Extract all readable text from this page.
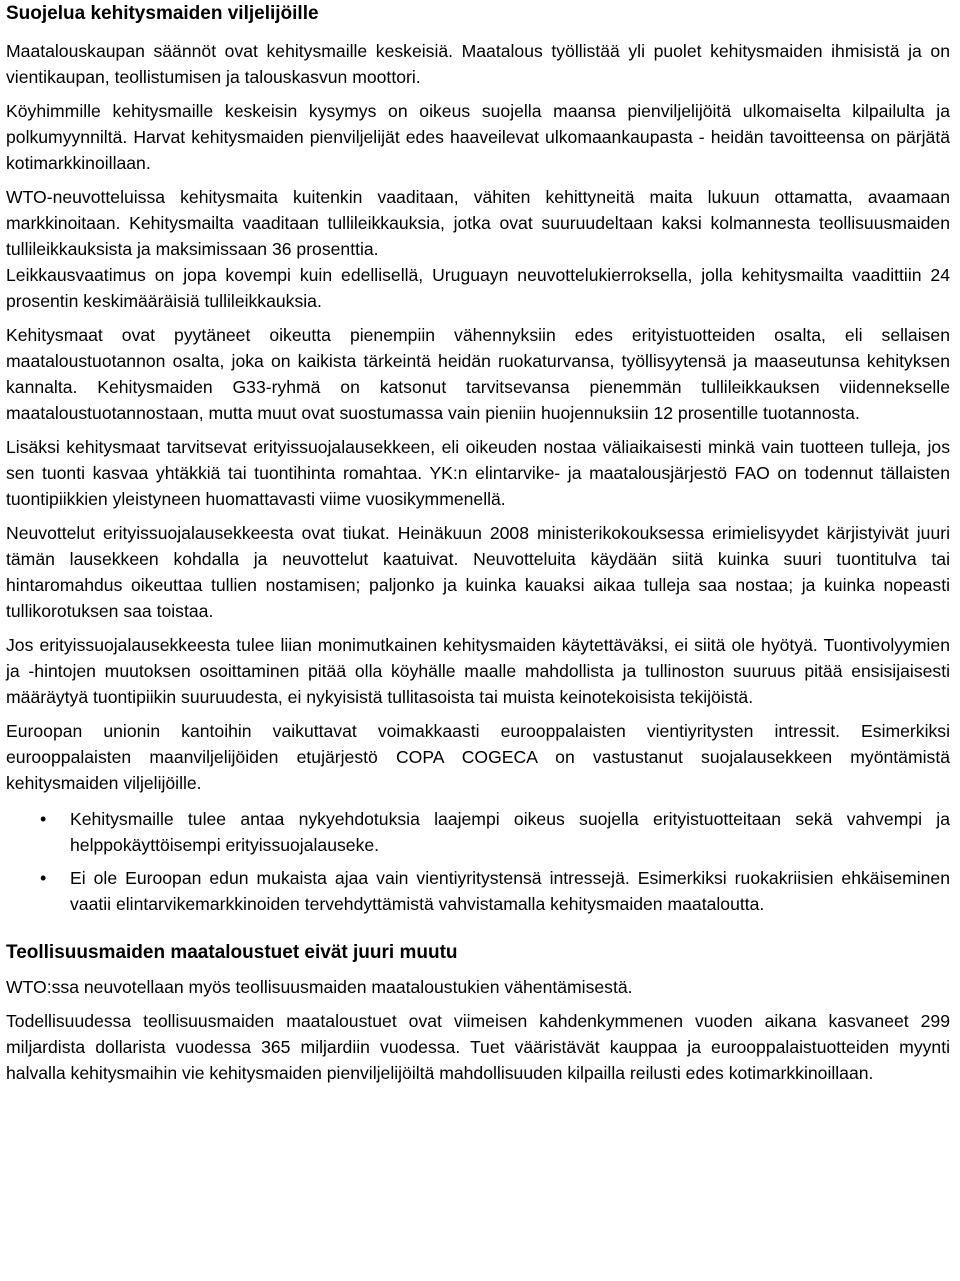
Suojelua kehitysmaiden viljelijöille

Maatalouskaupan säännöt ovat kehitysmaille keskeisiä. Maatalous työllistää yli puolet kehitysmaiden ihmisistä ja on vientikaupan, teollistumisen ja talouskasvun moottori.

Köyhimmille kehitysmaille keskeisin kysymys on oikeus suojella maansa pienviljelijöitä ulkomaiselta kilpailulta ja polkumyynniltä. Harvat kehitysmaiden pienviljelijät edes haaveilevat ulkomaankaupasta - heidän tavoitteensa on pärjätä kotimarkkinoillaan.

WTO-neuvotteluissa kehitysmaita kuitenkin vaaditaan, vähiten kehittyneitä maita lukuun ottamatta, avaamaan markkinoitaan. Kehitysmailta vaaditaan tullileikkauksia, jotka ovat suuruudeltaan kaksi kolmannesta teollisuusmaiden tullileikkauksista ja maksimissaan 36 prosenttia.

Leikkausvaatimus on jopa kovempi kuin edellisellä, Uruguayn neuvottelukierroksella, jolla kehitysmailta vaadittiin 24 prosentin keskimääräisiä tullileikkauksia.

Kehitysmaat ovat pyytäneet oikeutta pienempiin vähennyksiin edes erityistuotteiden osalta, eli sellaisen maataloustuotannon osalta, joka on kaikista tärkeintä heidän ruokaturvansa, työllisyytensä ja maaseutunsa kehityksen kannalta. Kehitysmaiden G33-ryhmä on katsonut tarvitsevansa pienemmän tullileikkauksen viidennekselle maataloustuotannostaan, mutta muut ovat suostumassa vain pieniin huojennuksiin 12 prosentille tuotannosta.

Lisäksi kehitysmaat tarvitsevat erityissuojalausekkeen, eli oikeuden nostaa väliaikaisesti minkä vain tuotteen tulleja, jos sen tuonti kasvaa yhtäkkiä tai tuontihinta romahtaa. YK:n elintarvike- ja maatalousjärjestö FAO on todennut tällaisten tuontipiikkien yleistyneen huomattavasti viime vuosikymmenellä.

Neuvottelut erityissuojalausekkeesta ovat tiukat. Heinäkuun 2008 ministerikokouksessa erimielisyydet kärjistyivät juuri tämän lausekkeen kohdalla ja neuvottelut kaatuivat. Neuvotteluita käydään siitä kuinka suuri tuontitulva tai hintaromahdus oikeuttaa tullien nostamisen; paljonko ja kuinka kauaksi aikaa tulleja saa nostaa; ja kuinka nopeasti tullikorotuksen saa toistaa.

Jos erityissuojalausekkeesta tulee liian monimutkainen kehitysmaiden käytettäväksi, ei siitä ole hyötyä. Tuontivolyymien ja -hintojen muutoksen osoittaminen pitää olla köyhälle maalle mahdollista ja tullinoston suuruus pitää ensisijaisesti määräytyä tuontipiikin suuruudesta, ei nykyisistä tullitasoista tai muista keinotekoisista tekijöistä.

Euroopan unionin kantoihin vaikuttavat voimakkaasti eurooppalaisten vientiyritysten intressit. Esimerkiksi eurooppalaisten maanviljelijöiden etujärjestö COPA COGECA on vastustanut suojalausekkeen myöntämistä kehitysmaiden viljelijöille.

• Kehitysmaille tulee antaa nykyehdotuksia laajempi oikeus suojella erityistuotteitaan sekä vahvempi ja helppokäyttöisempi erityissuojalauseke.
• Ei ole Euroopan edun mukaista ajaa vain vientiyritystensä intressejä. Esimerkiksi ruokakriisien ehkäiseminen vaatii elintarvikemarkkinoiden tervehdyttämistä vahvistamalla kehitysmaiden maataloutta.
Teollisuusmaiden maataloustuet eivät juuri muutu

WTO:ssa neuvotellaan myös teollisuusmaiden maataloustukien vähentämisestä.

Todellisuudessa teollisuusmaiden maataloustuet ovat viimeisen kahdenkymmenen vuoden aikana kasvaneet 299 miljardista dollarista vuodessa 365 miljardiin vuodessa. Tuet vääristävät kauppaa ja eurooppalaistuotteiden myynti halvalla kehitysmaihin vie kehitysmaiden pienviljelijöiltä mahdollisuuden kilpailla reilusti edes kotimarkkinoillaan.
